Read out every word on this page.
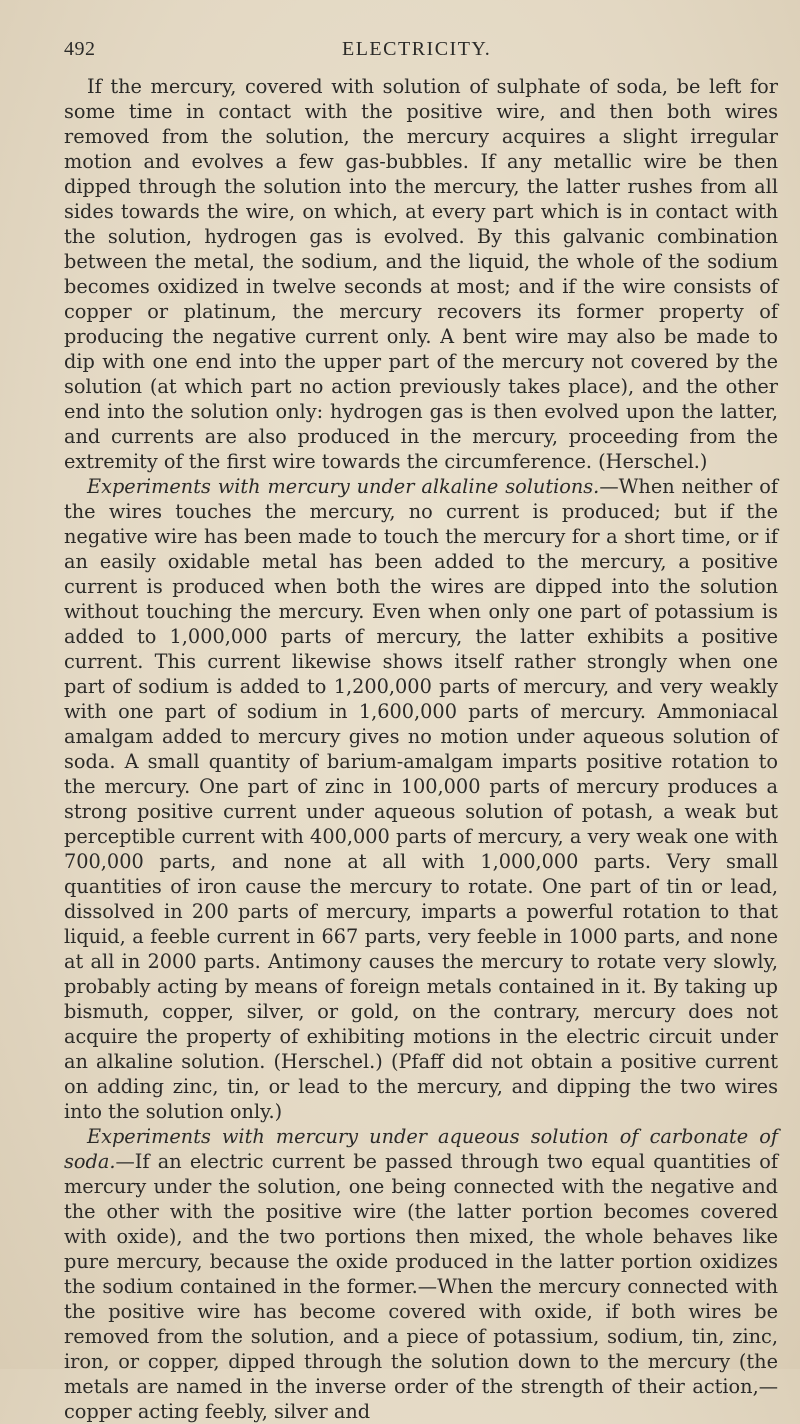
492	ELECTRICITY.

If the mercury, covered with solution of sulphate of soda, be left for some time in contact with the positive wire, and then both wires removed from the solution, the mercury acquires a slight irregular motion and evolves a few gas-bubbles. If any metallic wire be then dipped through the solution into the mercury, the latter rushes from all sides towards the wire, on which, at every part which is in contact with the solution, hydrogen gas is evolved. By this galvanic combination between the metal, the sodium, and the liquid, the whole of the sodium becomes oxidized in twelve seconds at most; and if the wire consists of copper or platinum, the mercury recovers its former property of producing the negative current only. A bent wire may also be made to dip with one end into the upper part of the mercury not covered by the solution (at which part no action previously takes place), and the other end into the solution only: hydrogen gas is then evolved upon the latter, and currents are also produced in the mercury, proceeding from the extremity of the first wire towards the circumference. (Herschel.)

Experiments with mercury under alkaline solutions.—When neither of the wires touches the mercury, no current is produced; but if the negative wire has been made to touch the mercury for a short time, or if an easily oxidable metal has been added to the mercury, a positive current is produced when both the wires are dipped into the solution without touching the mercury. Even when only one part of potassium is added to 1,000,000 parts of mercury, the latter exhibits a positive current. This current likewise shows itself rather strongly when one part of sodium is added to 1,200,000 parts of mercury, and very weakly with one part of sodium in 1,600,000 parts of mercury. Ammoniacal amalgam added to mercury gives no motion under aqueous solution of soda. A small quantity of barium-amalgam imparts positive rotation to the mercury. One part of zinc in 100,000 parts of mercury produces a strong positive current under aqueous solution of potash, a weak but perceptible current with 400,000 parts of mercury, a very weak one with 700,000 parts, and none at all with 1,000,000 parts. Very small quantities of iron cause the mercury to rotate. One part of tin or lead, dissolved in 200 parts of mercury, imparts a powerful rotation to that liquid, a feeble current in 667 parts, very feeble in 1000 parts, and none at all in 2000 parts. Antimony causes the mercury to rotate very slowly, probably acting by means of foreign metals contained in it. By taking up bismuth, copper, silver, or gold, on the contrary, mercury does not acquire the property of exhibiting motions in the electric circuit under an alkaline solution. (Herschel.) (Pfaff did not obtain a positive current on adding zinc, tin, or lead to the mercury, and dipping the two wires into the solution only.)

Experiments with mercury under aqueous solution of carbonate of soda.—If an electric current be passed through two equal quantities of mercury under the solution, one being connected with the negative and the other with the positive wire (the latter portion becomes covered with oxide), and the two portions then mixed, the whole behaves like pure mercury, because the oxide produced in the latter portion oxidizes the sodium contained in the former.—When the mercury connected with the positive wire has become covered with oxide, if both wires be removed from the solution, and a piece of potassium, sodium, tin, zinc, iron, or copper, dipped through the solution down to the mercury (the metals are named in the inverse order of the strength of their action,—copper acting feebly, silver and
